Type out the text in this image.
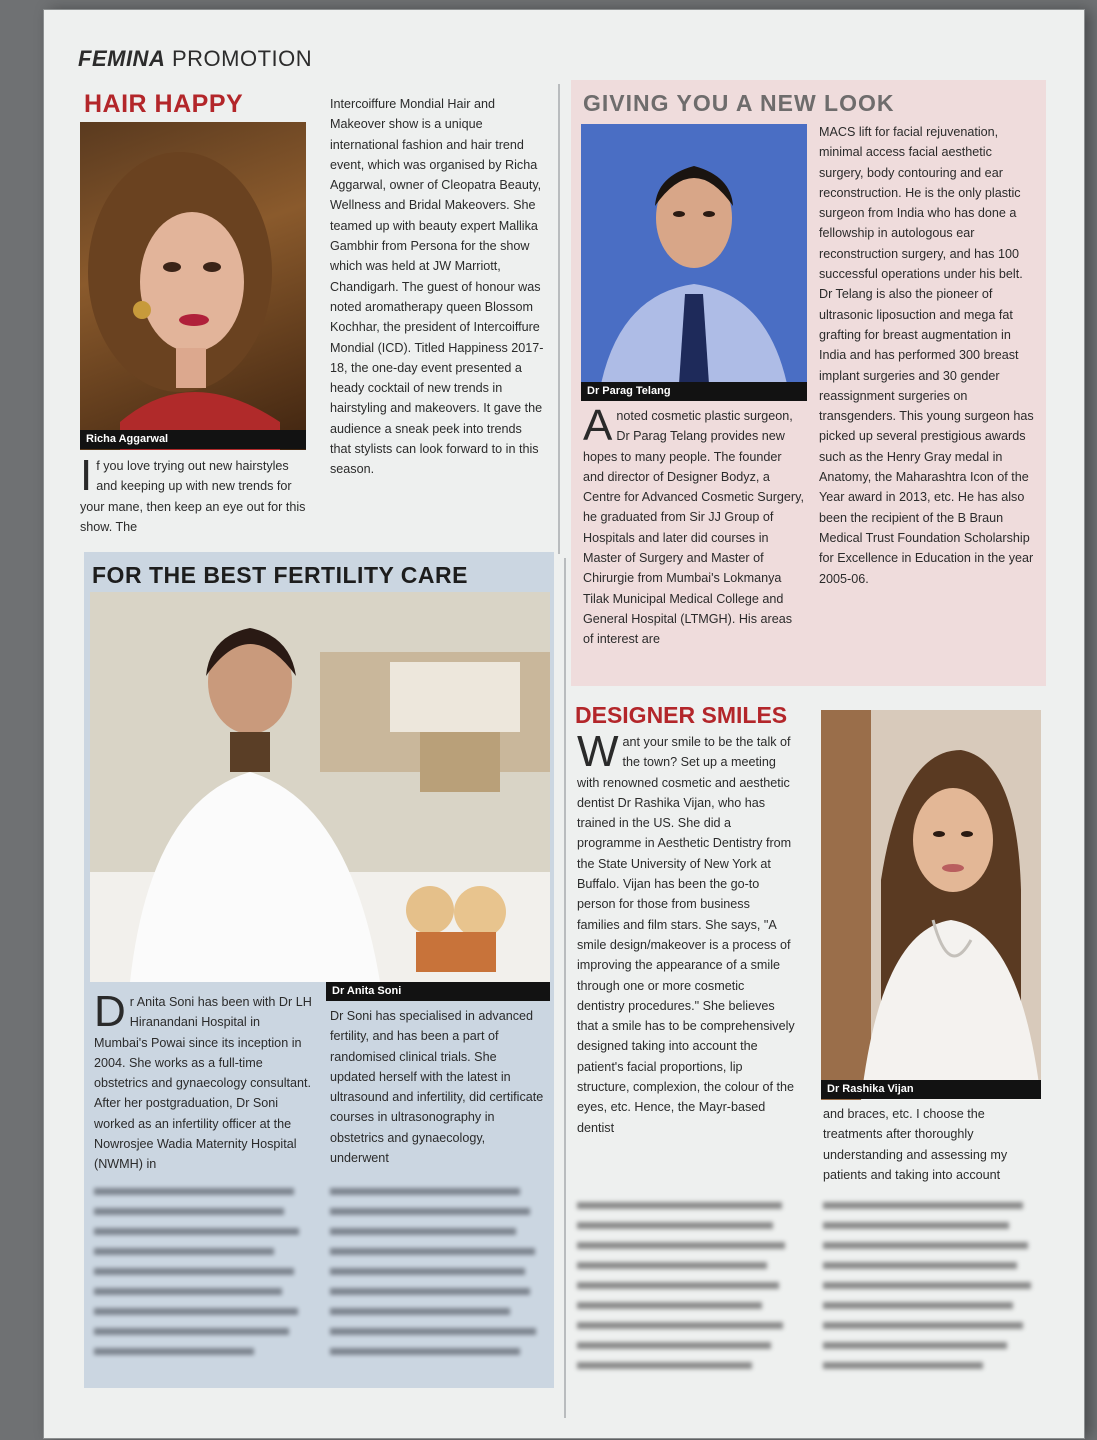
FEMINA PROMOTION
HAIR HAPPY
Richa Aggarwal
I f you love trying out new hairstyles and keeping up with new trends for your mane, then keep an eye out for this show. The

Intercoiffure Mondial Hair and Makeover show is a unique international fashion and hair trend event, which was organised by Richa Aggarwal, owner of Cleopatra Beauty, Wellness and Bridal Makeovers. She teamed up with beauty expert Mallika Gambhir from Persona for the show which was held at JW Marriott, Chandigarh. The guest of honour was noted aromatherapy queen Blossom Kochhar, the president of Intercoiffure Mondial (ICD). Titled Happiness 2017-18, the one-day event presented a heady cocktail of new trends in hairstyling and makeovers. It gave the audience a sneak peek into trends that stylists can look forward to in this season.

GIVING YOU A NEW LOOK
Dr Parag Telang
A noted cosmetic plastic surgeon, Dr Parag Telang provides new hopes to many people. The founder and director of Designer Bodyz, a Centre for Advanced Cosmetic Surgery, he graduated from Sir JJ Group of Hospitals and later did courses in Master of Surgery and Master of Chirurgie from Mumbai's Lokmanya Tilak Municipal Medical College and General Hospital (LTMGH). His areas of interest are

MACS lift for facial rejuvenation, minimal access facial aesthetic surgery, body contouring and ear reconstruction. He is the only plastic surgeon from India who has done a fellowship in autologous ear reconstruction surgery, and has 100 successful operations under his belt. Dr Telang is also the pioneer of ultrasonic liposuction and mega fat grafting for breast augmentation in India and has performed 300 breast implant surgeries and 30 gender reassignment surgeries on transgenders. This young surgeon has picked up several prestigious awards such as the Henry Gray medal in Anatomy, the Maharashtra Icon of the Year award in 2013, etc. He has also been the recipient of the B Braun Medical Trust Foundation Scholarship for Excellence in Education in the year 2005-06.

FOR THE BEST FERTILITY CARE
Dr Anita Soni
D r Anita Soni has been with Dr LH Hiranandani Hospital in Mumbai's Powai since its inception in 2004. She works as a full-time obstetrics and gynaecology consultant. After her postgraduation, Dr Soni worked as an infertility officer at the Nowrosjee Wadia Maternity Hospital (NWMH) in

Dr Soni has specialised in advanced fertility, and has been a part of randomised clinical trials. She updated herself with the latest in ultrasound and infertility, did certificate courses in ultrasonography in obstetrics and gynaecology, underwent

DESIGNER SMILES
W ant your smile to be the talk of the town? Set up a meeting with renowned cosmetic and aesthetic dentist Dr Rashika Vijan, who has trained in the US. She did a programme in Aesthetic Dentistry from the State University of New York at Buffalo. Vijan has been the go-to person for those from business families and film stars. She says, "A smile design/makeover is a process of improving the appearance of a smile through one or more cosmetic dentistry procedures." She believes that a smile has to be comprehensively designed taking into account the patient's facial proportions, lip structure, complexion, the colour of the eyes, etc. Hence, the Mayr-based dentist

Dr Rashika Vijan

and braces, etc. I choose the treatments after thoroughly understanding and assessing my patients and taking into account
